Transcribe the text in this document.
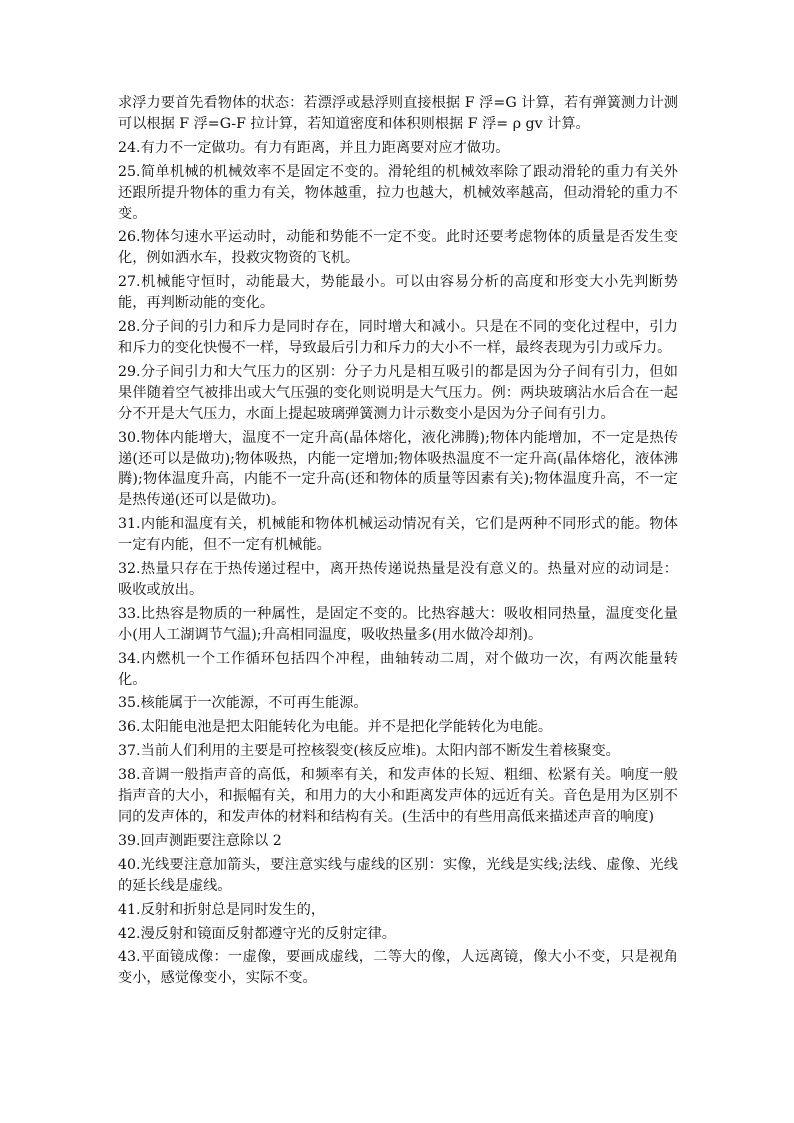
求浮力要首先看物体的状态：若漂浮或悬浮则直接根据 F 浮=G 计算，若有弹簧测力计测可以根据 F 浮=G-F 拉计算，若知道密度和体积则根据 F 浮= ρ gv 计算。

24.有力不一定做功。有力有距离，并且力距离要对应才做功。

25.简单机械的机械效率不是固定不变的。滑轮组的机械效率除了跟动滑轮的重力有关外还跟所提升物体的重力有关，物体越重，拉力也越大，机械效率越高，但动滑轮的重力不变。

26.物体匀速水平运动时，动能和势能不一定不变。此时还要考虑物体的质量是否发生变化，例如洒水车，投救灾物资的飞机。

27.机械能守恒时，动能最大，势能最小。可以由容易分析的高度和形变大小先判断势能，再判断动能的变化。

28.分子间的引力和斥力是同时存在，同时增大和减小。只是在不同的变化过程中，引力和斥力的变化快慢不一样，导致最后引力和斥力的大小不一样，最终表现为引力或斥力。

29.分子间引力和大气压力的区别：分子力凡是相互吸引的都是因为分子间有引力，但如果伴随着空气被排出或大气压强的变化则说明是大气压力。例：两块玻璃沾水后合在一起分不开是大气压力，水面上提起玻璃弹簧测力计示数变小是因为分子间有引力。

30.物体内能增大，温度不一定升高(晶体熔化，液化沸腾);物体内能增加，不一定是热传递(还可以是做功);物体吸热，内能一定增加;物体吸热温度不一定升高(晶体熔化，液体沸腾);物体温度升高，内能不一定升高(还和物体的质量等因素有关);物体温度升高，不一定是热传递(还可以是做功)。

31.内能和温度有关，机械能和物体机械运动情况有关，它们是两种不同形式的能。物体一定有内能，但不一定有机械能。

32.热量只存在于热传递过程中，离开热传递说热量是没有意义的。热量对应的动词是：吸收或放出。

33.比热容是物质的一种属性，是固定不变的。比热容越大：吸收相同热量，温度变化量小(用人工湖调节气温);升高相同温度，吸收热量多(用水做冷却剂)。

34.内燃机一个工作循环包括四个冲程，曲轴转动二周，对个做功一次，有两次能量转化。

35.核能属于一次能源，不可再生能源。

36.太阳能电池是把太阳能转化为电能。并不是把化学能转化为电能。

37.当前人们利用的主要是可控核裂变(核反应堆)。太阳内部不断发生着核聚变。

38.音调一般指声音的高低，和频率有关，和发声体的长短、粗细、松紧有关。响度一般指声音的大小，和振幅有关，和用力的大小和距离发声体的远近有关。音色是用为区别不同的发声体的，和发声体的材料和结构有关。(生活中的有些用高低来描述声音的响度)

39.回声测距要注意除以 2

40.光线要注意加箭头，要注意实线与虚线的区别：实像，光线是实线;法线、虚像、光线的延长线是虚线。

41.反射和折射总是同时发生的，

42.漫反射和镜面反射都遵守光的反射定律。

43.平面镜成像：一虚像，要画成虚线，二等大的像，人远离镜，像大小不变，只是视角变小，感觉像变小，实际不变。
